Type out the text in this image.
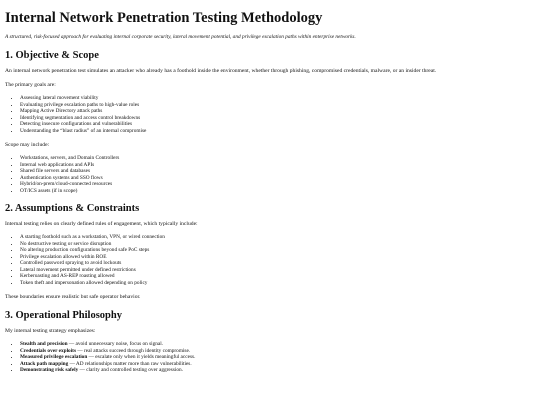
Internal Network Penetration Testing Methodology
A structured, risk-focused approach for evaluating internal corporate security, lateral movement potential, and privilege escalation paths within enterprise networks.
1. Objective & Scope

An internal network penetration test simulates an attacker who already has a foothold inside the environment, whether through phishing, compromised credentials, malware, or an insider threat.

The primary goals are:

• Assessing lateral movement viability
• Evaluating privilege escalation paths to high-value roles
• Mapping Active Directory attack paths
• Identifying segmentation and access control breakdowns
• Detecting insecure configurations and vulnerabilities
• Understanding the “blast radius” of an internal compromise

Scope may include:

• Workstations, servers, and Domain Controllers
• Internal web applications and APIs
• Shared file servers and databases
• Authentication systems and SSO flows
• Hybrid/on-prem/cloud-connected resources
• OT/ICS assets (if in scope)
2. Assumptions & Constraints

Internal testing relies on clearly defined rules of engagement, which typically include:

• A starting foothold such as a workstation, VPN, or wired connection
• No destructive testing or service disruption
• No altering production configurations beyond safe PoC steps
• Privilege escalation allowed within ROE
• Controlled password spraying to avoid lockouts
• Lateral movement permitted under defined restrictions
• Kerberoasting and AS-REP roasting allowed
• Token theft and impersonation allowed depending on policy

These boundaries ensure realistic but safe operator behavior.

3. Operational Philosophy

My internal testing strategy emphasizes:

• Stealth and precision — avoid unnecessary noise, focus on signal.
• Credentials over exploits — real attacks succeed through identity compromise.
• Measured privilege escalation — escalate only when it yields meaningful access.
• Attack path mapping — AD relationships matter more than raw vulnerabilities.
• Demonstrating risk safely — clarity and controlled testing over aggression.
